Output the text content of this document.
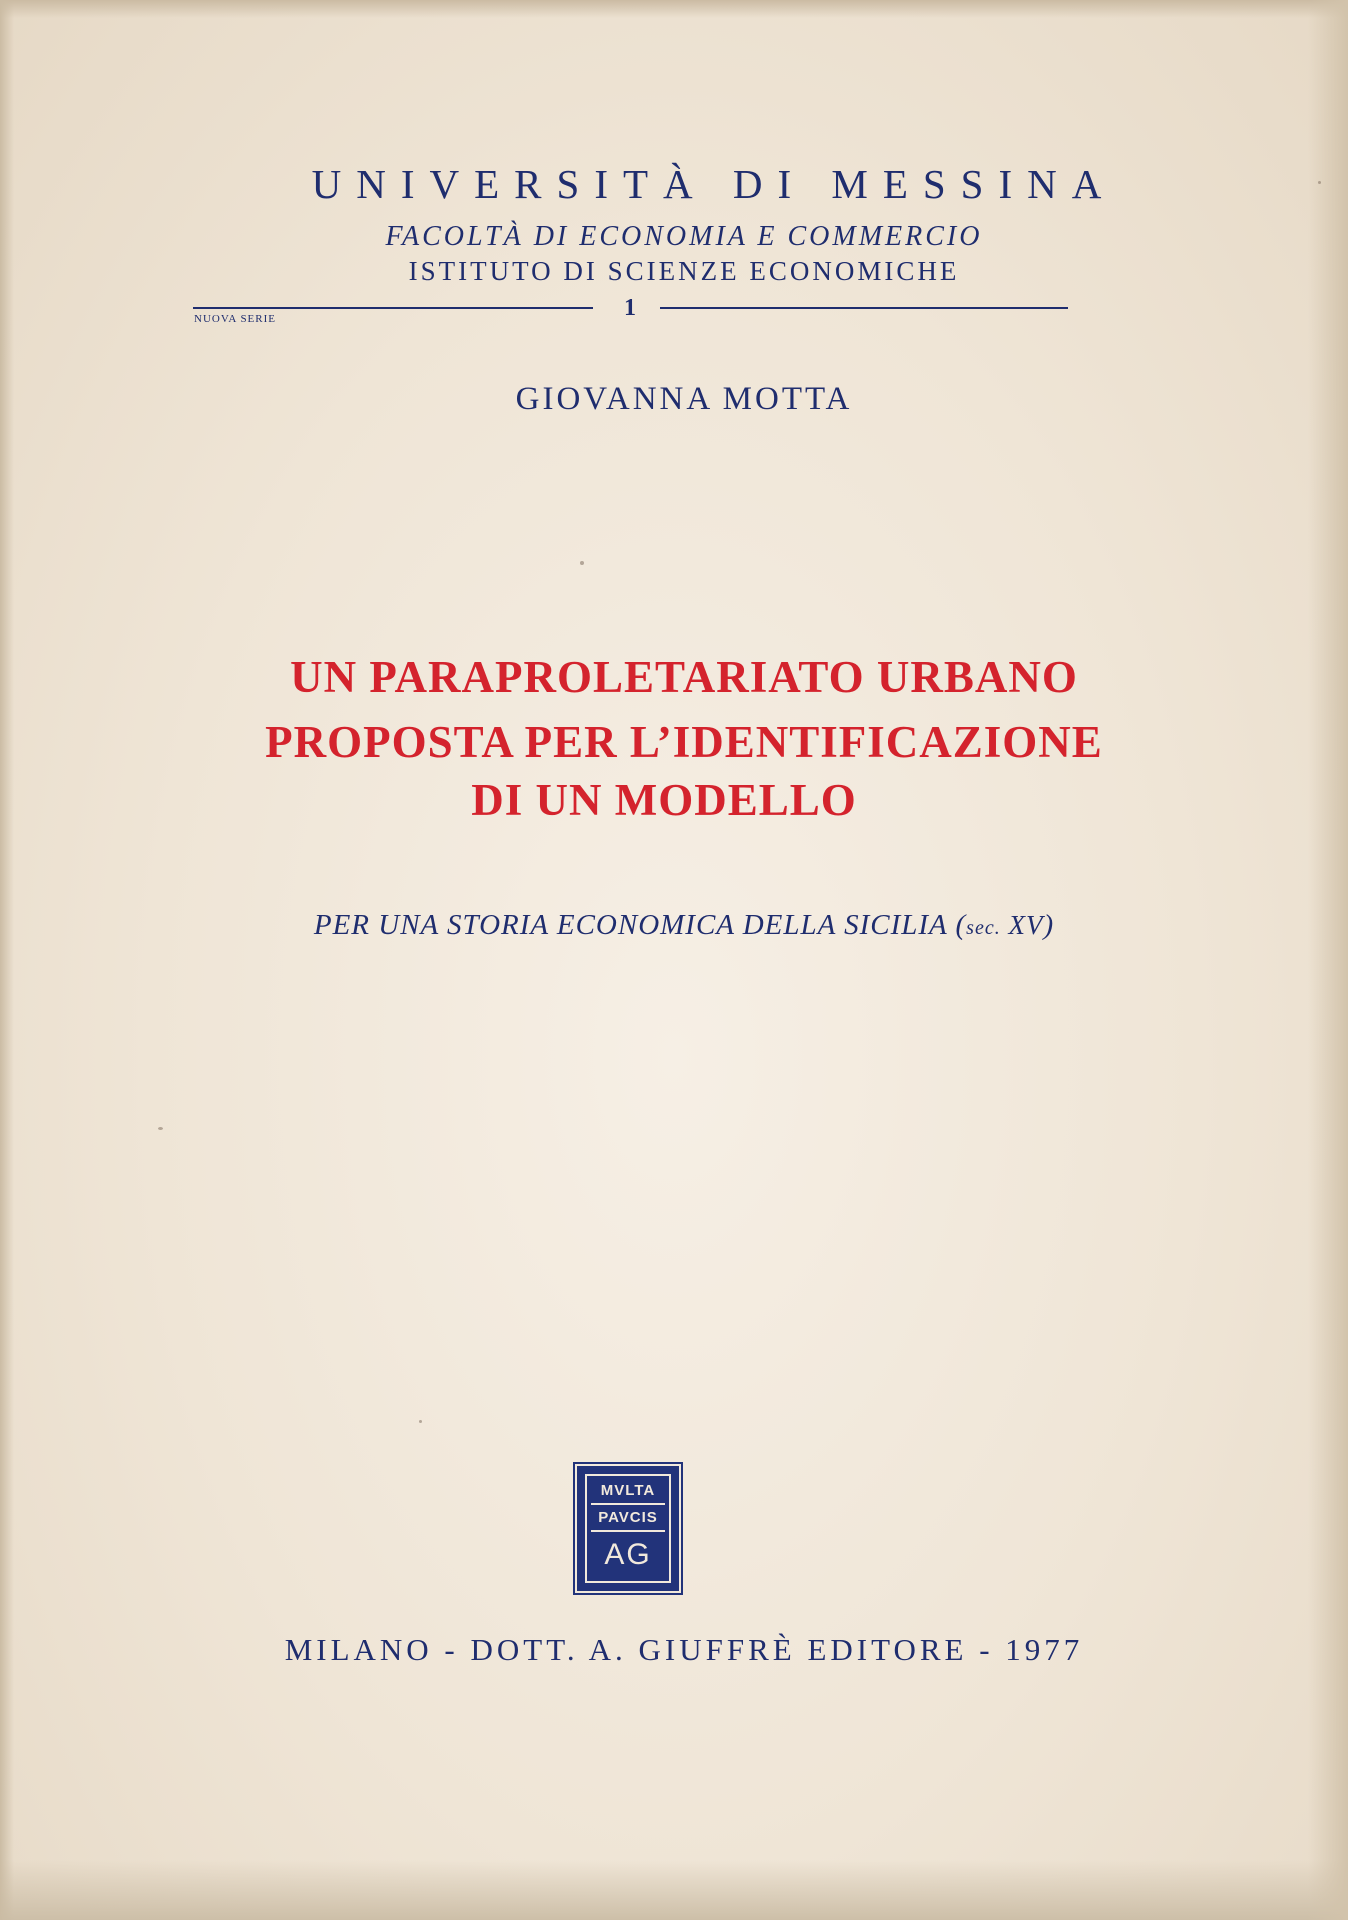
UNIVERSITÀ DI MESSINA
FACOLTÀ DI ECONOMIA E COMMERCIO
ISTITUTO DI SCIENZE ECONOMICHE
NUOVA SERIE	1
GIOVANNA MOTTA
UN PARAPROLETARIATO URBANO
PROPOSTA PER L’IDENTIFICAZIONE
DI UN MODELLO
PER UNA STORIA ECONOMICA DELLA SICILIA (sec. XV)
MVLTA
PAVCIS
AG
MILANO - DOTT. A. GIUFFRÈ EDITORE - 1977
